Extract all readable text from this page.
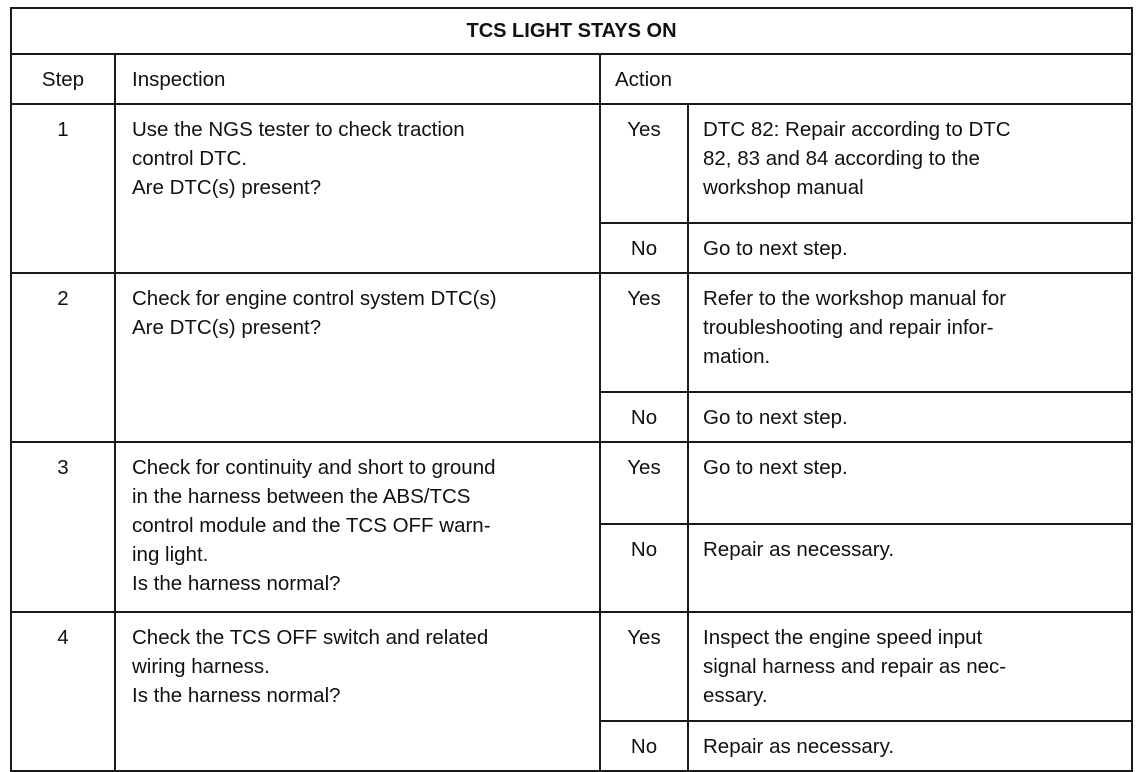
TCS LIGHT STAYS ON			
Step	Inspection	Action	
1	Use the NGS tester to check traction
control DTC.
Are DTC(s) present?	Yes	DTC 82: Repair according to DTC
82, 83 and 84 according to the
workshop manual
		No	Go to next step.
2	Check for engine control system DTC(s)
Are DTC(s) present?	Yes	Refer to the workshop manual for
troubleshooting and repair infor-
mation.
		No	Go to next step.
3	Check for continuity and short to ground
in the harness between the ABS/TCS
control module and the TCS OFF warn-
ing light.
Is the harness normal?	Yes	Go to next step.
		No	Repair as necessary.
4	Check the TCS OFF switch and related
wiring harness.
Is the harness normal?	Yes	Inspect the engine speed input
signal harness and repair as nec-
essary.
		No	Repair as necessary.
